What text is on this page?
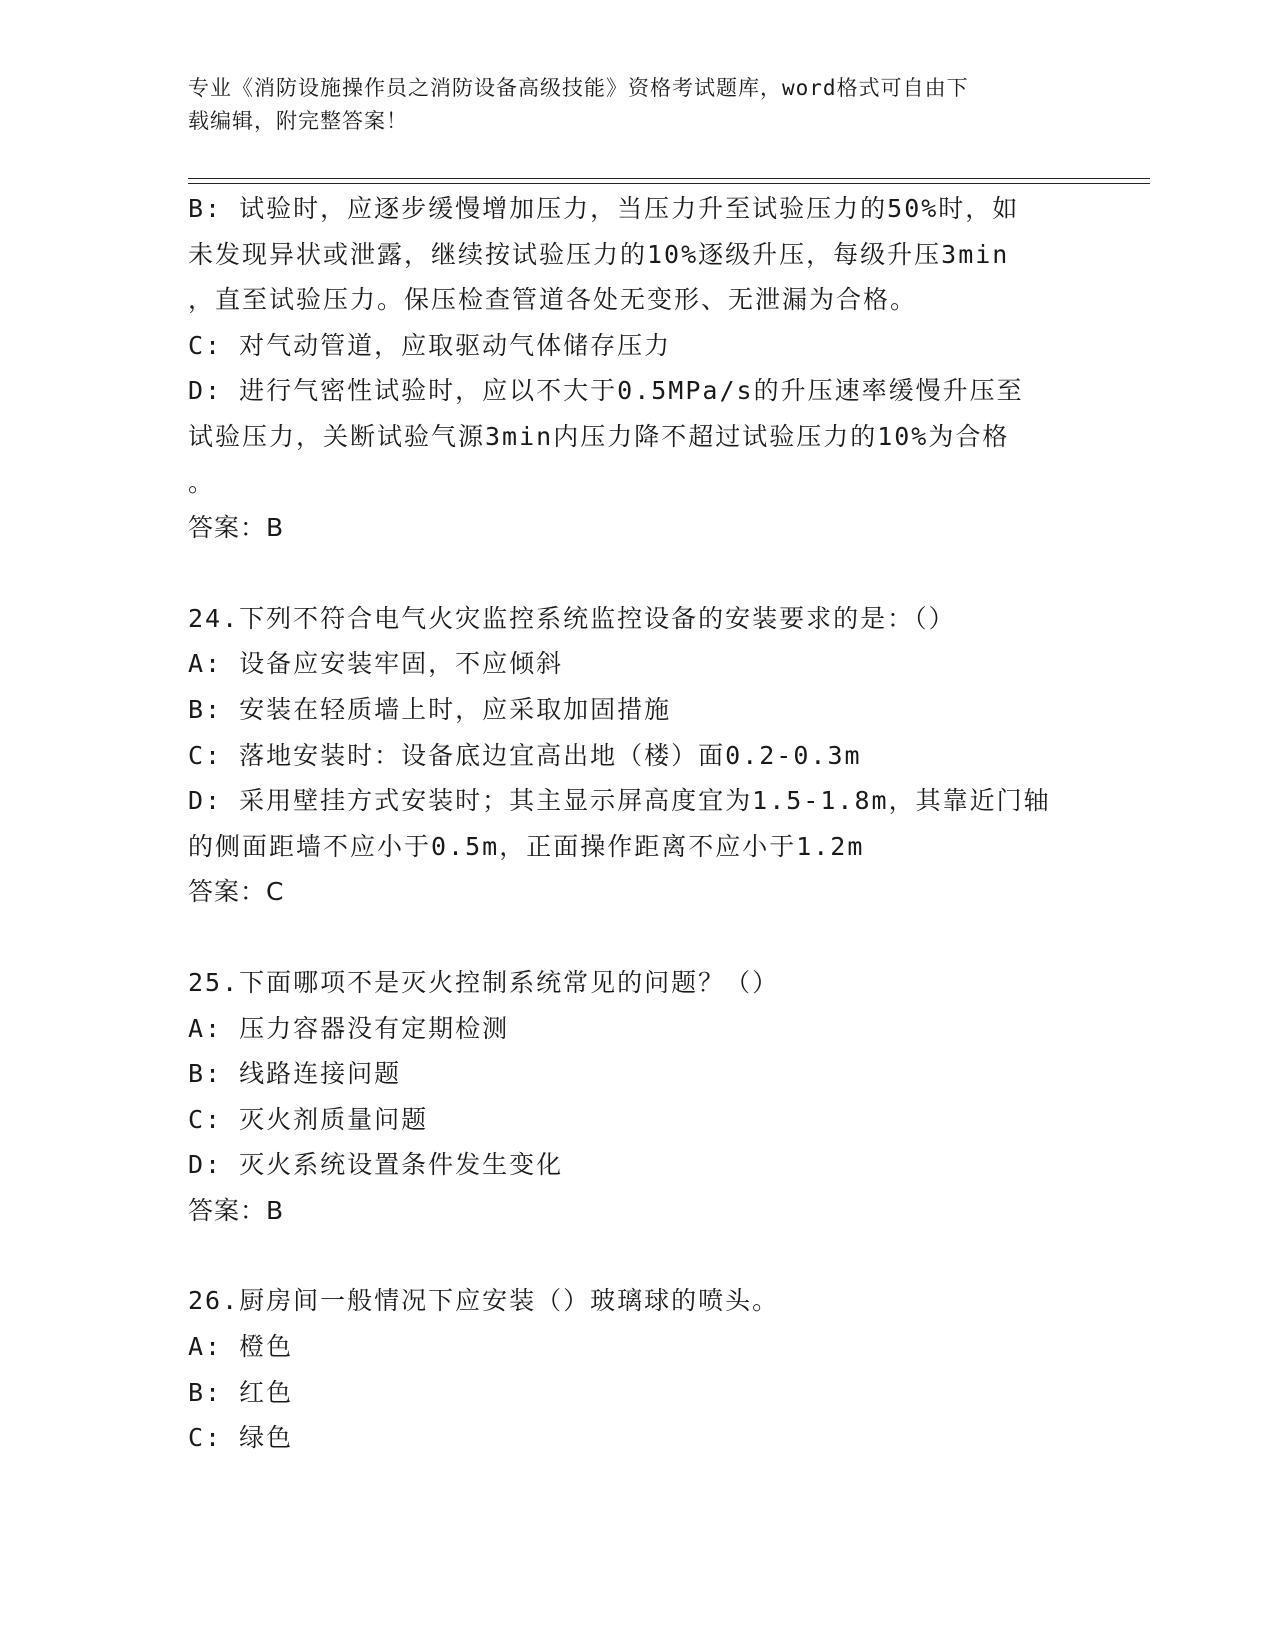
专业《消防设施操作员之消防设备高级技能》资格考试题库，word格式可自由下
载编辑，附完整答案！
B: 试验时，应逐步缓慢增加压力，当压力升至试验压力的50%时，如
未发现异状或泄露，继续按试验压力的10%逐级升压，每级升压3min
，直至试验压力。保压检查管道各处无变形、无泄漏为合格。
C: 对气动管道，应取驱动气体储存压力
D: 进行气密性试验时，应以不大于0.5MPa/s的升压速率缓慢升压至
试验压力，关断试验气源3min内压力降不超过试验压力的10%为合格
。
答案：B
24.下列不符合电气火灾监控系统监控设备的安装要求的是：（）
A: 设备应安装牢固，不应倾斜
B: 安装在轻质墙上时，应采取加固措施
C: 落地安装时：设备底边宜高出地（楼）面0.2-0.3m
D: 采用壁挂方式安装时；其主显示屏高度宜为1.5-1.8m，其靠近门轴
的侧面距墙不应小于0.5m，正面操作距离不应小于1.2m
答案：C
25.下面哪项不是灭火控制系统常见的问题？（）
A: 压力容器没有定期检测
B: 线路连接问题
C: 灭火剂质量问题
D: 灭火系统设置条件发生变化
答案：B
26.厨房间一般情况下应安装（）玻璃球的喷头。
A: 橙色
B: 红色
C: 绿色
